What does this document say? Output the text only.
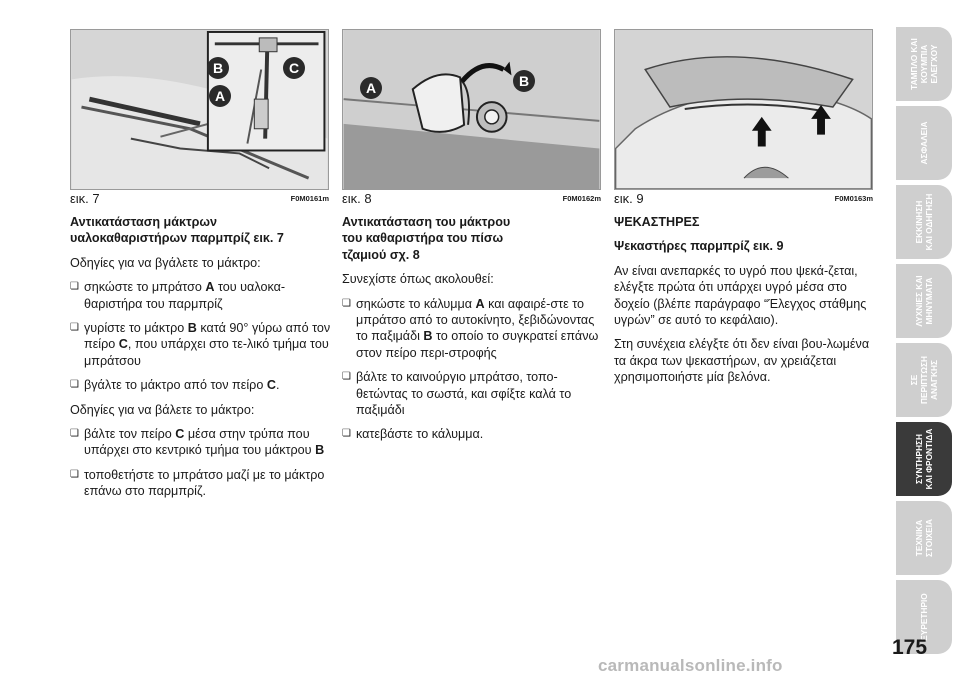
B	C
A
εικ. 7	F0M0161m
A	B
εικ. 8	F0M0162m εικ. 9	F0M0163m
Αντικατάσταση μάκτρων
υαλοκαθαριστήρων παρμπρίζ εικ. 7

Οδηγίες για να βγάλετε το μάκτρο:

❏ σηκώστε το μπράτσο A του υαλοκα-θαριστήρα του παρμπρίζ
❏ γυρίστε το μάκτρο B κατά 90° γύρω από τον πείρο C, που υπάρχει στο τε-λικό τμήμα του μπράτσου
❏ βγάλτε το μάκτρο από τον πείρο C.

Οδηγίες για να βάλετε το μάκτρο:

❏ βάλτε τον πείρο C μέσα στην τρύπα που υπάρχει στο κεντρικό τμήμα του μάκτρου B
❏ τοποθετήστε το μπράτσο μαζί με το μάκτρο επάνω στο παρμπρίζ.
Αντικατάσταση του μάκτρου
του καθαριστήρα του πίσω
τζαμιού σχ. 8

Συνεχίστε όπως ακολουθεί:

❏ σηκώστε το κάλυμμα A και αφαιρέ-στε το μπράτσο από το αυτοκίνητο, ξεβιδώνοντας το παξιμάδι B το οποίο το συγκρατεί επάνω στον πείρο περι-στροφής
❏ βάλτε το καινούργιο μπράτσο, τοπο-θετώντας το σωστά, και σφίξτε καλά το παξιμάδι
❏ κατεβάστε το κάλυμμα.
ΨΕΚΑΣΤΗΡΕΣ
Ψεκαστήρες παρμπρίζ εικ. 9

Αν είναι ανεπαρκές το υγρό που ψεκά-ζεται, ελέγξτε πρώτα ότι υπάρχει υγρό μέσα στο δοχείο (βλέπε παράγραφο “Έλεγχος στάθμης υγρών” σε αυτό το κεφάλαιο).

Στη συνέχεια ελέγξτε ότι δεν είναι βου-λωμένα τα άκρα των ψεκαστήρων, αν χρειάζεται χρησιμοποιήστε μία βελόνα.

ΤΑΜΠΛΟ ΚΑΙ ΚΟΥΜΠΙΑ ΕΛΕΓΧΟΥ
ΑΣΦΑΛΕΙΑ
ΕΚΚΙΝΗΣΗ ΚΑΙ ΟΔΗΓΗΣΗ
ΛΥΧΝΙΕΣ ΚΑΙ ΜΗΝΥΜΑΤΑ
ΣΕ ΠΕΡΙΠΤΩΣΗ ΑΝΑΓΚΗΣ
ΣΥΝΤΗΡΗΣΗ ΚΑΙ ΦΡΟΝΤΙΔΑ
ΤΕΧΝΙΚΑ ΣΤΟΙΧΕΙΑ
ΕΥΡΕΤΗΡΙΟ
175
carmanualsonline.info
